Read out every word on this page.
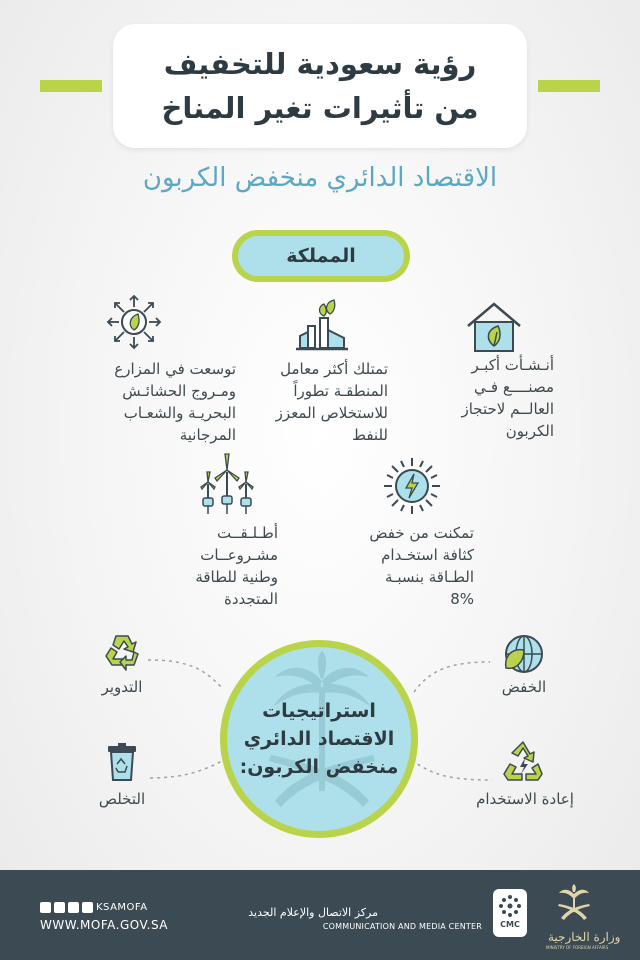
رؤية سعودية للتخفيف
من تأثيرات تغير المناخ
الاقتصاد الدائري منخفض الكربون
المملكة
أنـشـأت أكبـر
مصنــــع فـي
العالــم لاحتجاز
الكربون
تمتلك أكثر معامل
المنطقـة تطوراً
للاستخلاص المعزز
للنفط
توسعت في المزارع
ومـروج الحشائـش
البحريـة والشعـاب
المرجانية
تمكنت من خفض
كثافة استخـدام
الطـاقة بنسبـة
8%
أطـلـقــت
مشـروعــات
وطنية للطاقة
المتجددة
استراتيجيات
الاقتصاد الدائري
منخفض الكربون:
التدوير	الخفض
التخلص	إعادة الاستخدام
KSAMOFA
WWW.MOFA.GOV.SA
مركز الاتصال والإعلام الجديد
COMMUNICATION AND MEDIA CENTER	CMC
وزارة الخارجية
MINISTRY OF FOREIGN AFFAIRS
